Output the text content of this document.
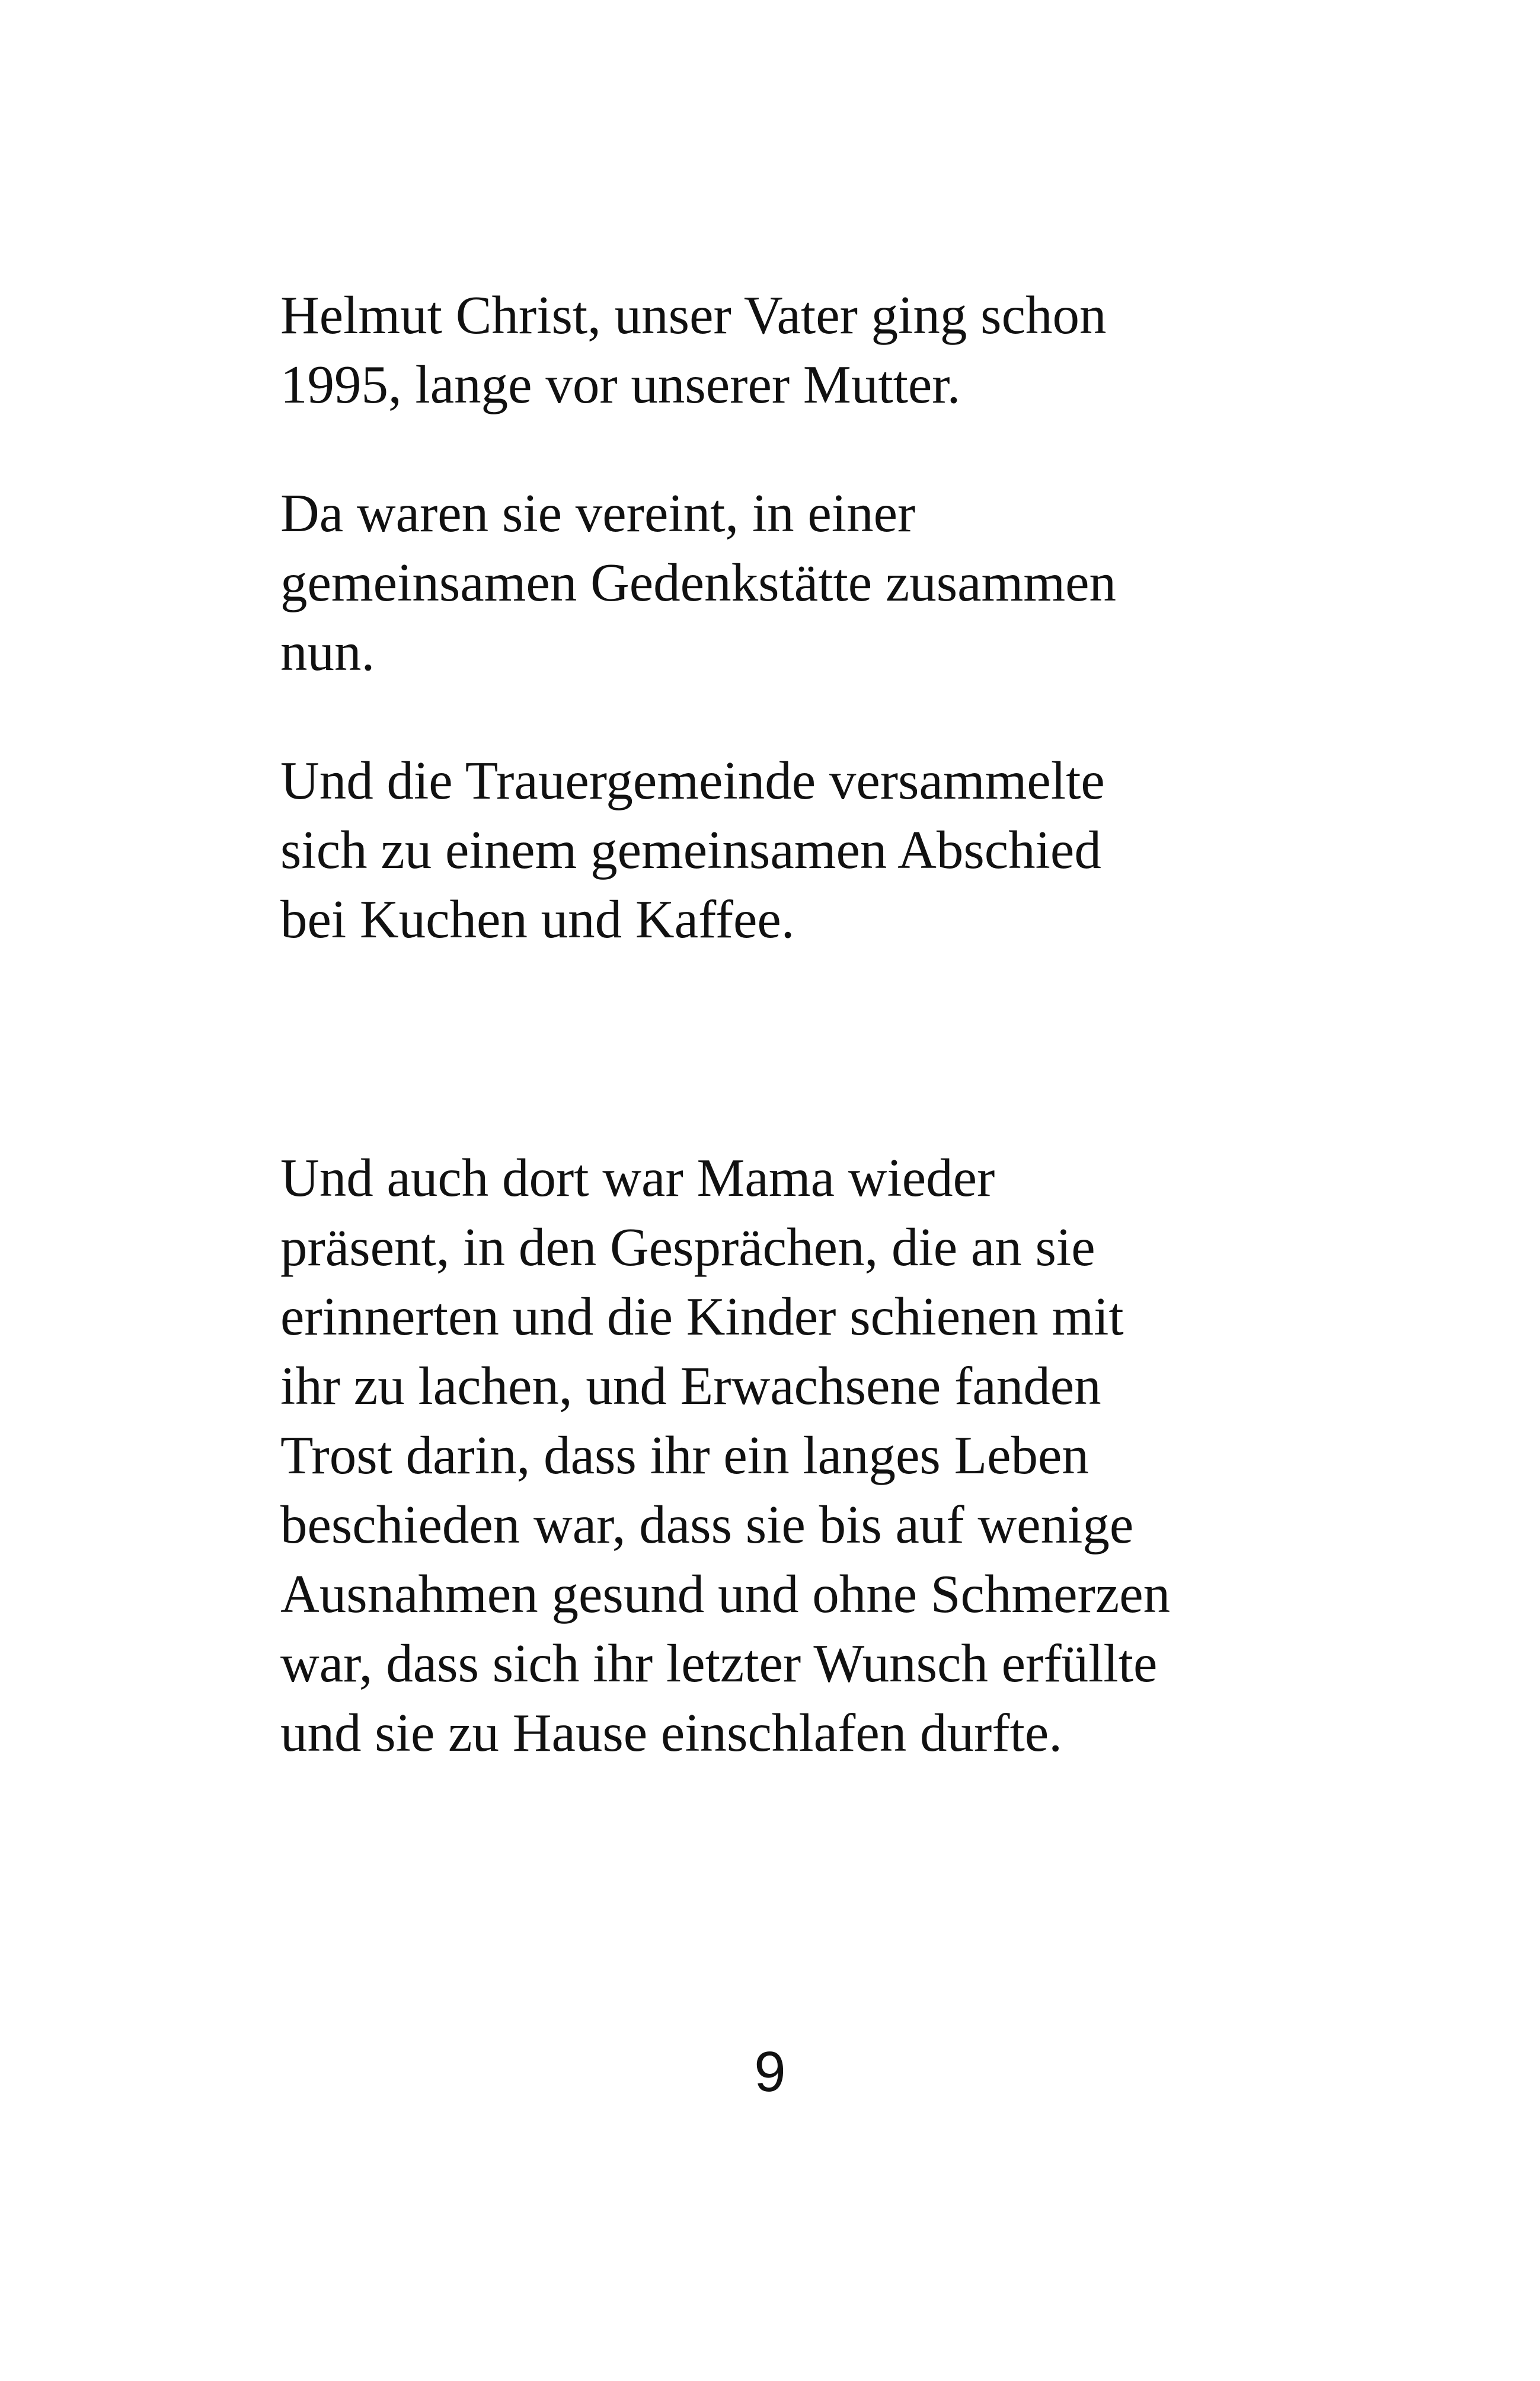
Helmut Christ, unser Vater ging schon
1995, lange vor unserer Mutter.

Da waren sie vereint, in einer
gemeinsamen Gedenkstätte zusammen
nun.

Und die Trauergemeinde versammelte
sich zu einem gemeinsamen Abschied
bei Kuchen und Kaffee.

Und auch dort war Mama wieder
präsent, in den Gesprächen, die an sie
erinnerten und die Kinder schienen mit
ihr zu lachen, und Erwachsene fanden
Trost darin, dass ihr ein langes Leben
beschieden war, dass sie bis auf wenige
Ausnahmen gesund und ohne Schmerzen
war, dass sich ihr letzter Wunsch erfüllte
und sie zu Hause einschlafen durfte.

9
